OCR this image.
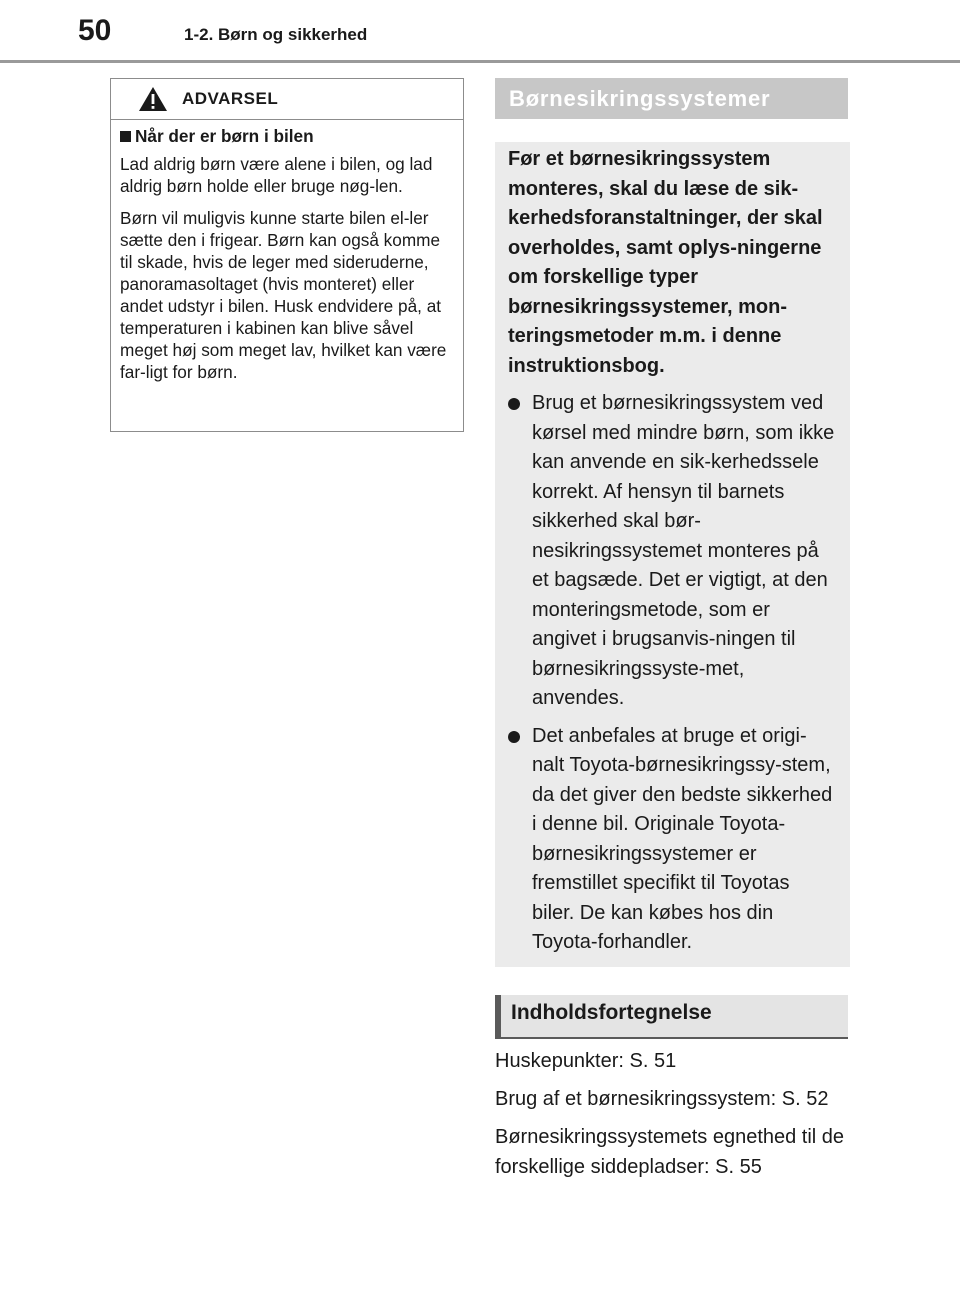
50	1-2. Børn og sikkerhed
ADVARSEL
Når der er børn i bilen

Lad aldrig børn være alene i bilen, og lad aldrig børn holde eller bruge nøg-len.

Børn vil muligvis kunne starte bilen el-ler sætte den i frigear. Børn kan også komme til skade, hvis de leger med sideruderne, panoramasoltaget (hvis monteret) eller andet udstyr i bilen. Husk endvidere på, at temperaturen i kabinen kan blive såvel meget høj som meget lav, hvilket kan være far-ligt for børn.

Børnesikringssystemer

Før et børnesikringssystem monteres, skal du læse de sik-kerhedsforanstaltninger, der skal overholdes, samt oplys-ningerne om forskellige typer børnesikringssystemer, mon-teringsmetoder m.m. i denne instruktionsbog.

Brug et børnesikringssystem ved kørsel med mindre børn, som ikke kan anvende en sik-kerhedssele korrekt. Af hensyn til barnets sikkerhed skal bør-nesikringssystemet monteres på et bagsæde. Det er vigtigt, at den monteringsmetode, som er angivet i brugsanvis-ningen til børnesikringssyste-met, anvendes.
Det anbefales at bruge et origi-nalt Toyota-børnesikringssy-stem, da det giver den bedste sikkerhed i denne bil. Originale Toyota-børnesikringssystemer er fremstillet specifikt til Toyotas biler. De kan købes hos din Toyota-forhandler.
Indholdsfortegnelse
Huskepunkter: S. 51
Brug af et børnesikringssystem: S. 52
Børnesikringssystemets egnethed til de forskellige siddepladser: S. 55
